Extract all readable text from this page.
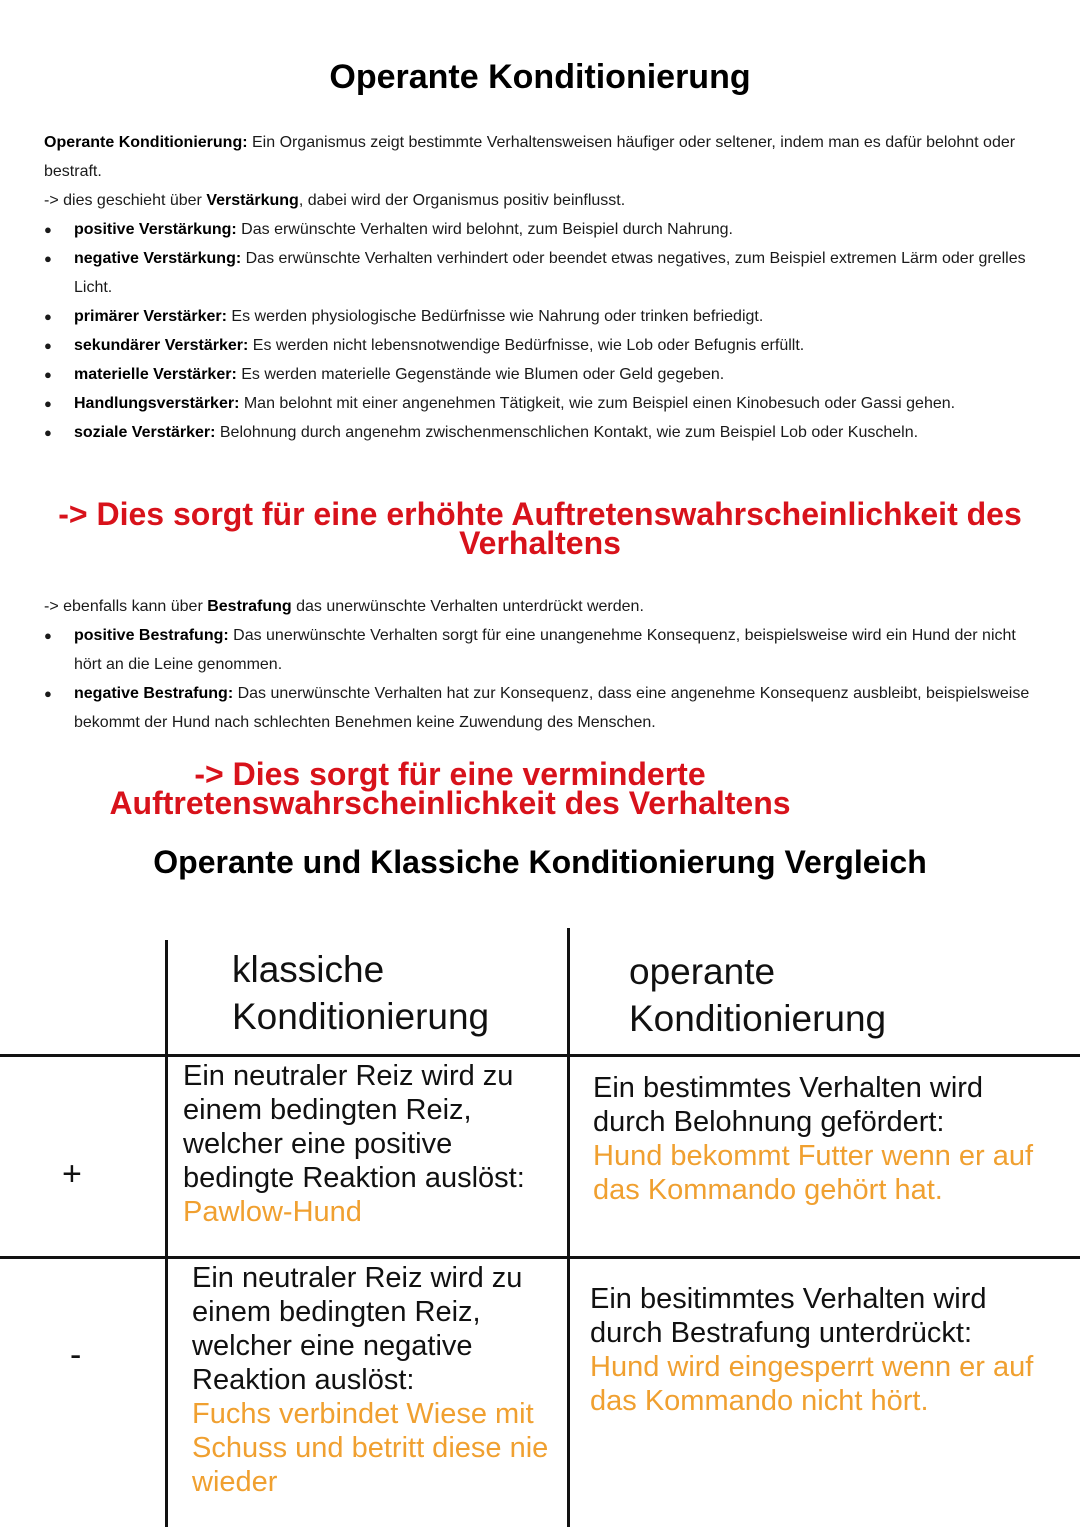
Operante Konditionierung

Operante Konditionierung: Ein Organismus zeigt bestimmte Verhaltensweisen häufiger oder seltener, indem man es dafür belohnt oder bestraft.

-> dies geschieht über Verstärkung, dabei wird der Organismus positiv beinflusst.

● positive Verstärkung: Das erwünschte Verhalten wird belohnt, zum Beispiel durch Nahrung.
● negative Verstärkung: Das erwünschte Verhalten verhindert oder beendet etwas negatives, zum Beispiel extremen Lärm oder grelles Licht.
● primärer Verstärker: Es werden physiologische Bedürfnisse wie Nahrung oder trinken befriedigt.
● sekundärer Verstärker: Es werden nicht lebensnotwendige Bedürfnisse, wie Lob oder Befugnis erfüllt.
● materielle Verstärker: Es werden materielle Gegenstände wie Blumen oder Geld gegeben.
● Handlungsverstärker: Man belohnt mit einer angenehmen Tätigkeit, wie zum Beispiel einen Kinobesuch oder Gassi gehen.
● soziale Verstärker: Belohnung durch angenehm zwischenmenschlichen Kontakt, wie zum Beispiel Lob oder Kuscheln.
-> Dies sorgt für eine erhöhte Auftretenswahrscheinlichkeit des Verhaltens

-> ebenfalls kann über Bestrafung das unerwünschte Verhalten unterdrückt werden.

● positive Bestrafung: Das unerwünschte Verhalten sorgt für eine unangenehme Konsequenz, beispielsweise wird ein Hund der nicht hört an die Leine genommen.
● negative Bestrafung: Das unerwünschte Verhalten hat zur Konsequenz, dass eine angenehme Konsequenz ausbleibt, beispielsweise bekommt der Hund nach schlechten Benehmen keine Zuwendung des Menschen.
-> Dies sorgt für eine verminderte
Auftretenswahrscheinlichkeit des Verhaltens
Operante und Klassiche Konditionierung Vergleich
klassiche Konditionierung
operante Konditionierung
+
Ein neutraler Reiz wird zu einem bedingten Reiz, welcher eine positive bedingte Reaktion auslöst:
Pawlow-Hund
Ein bestimmtes Verhalten wird durch Belohnung gefördert:
Hund bekommt Futter wenn er auf das Kommando gehört hat.
-
Ein neutraler Reiz wird zu einem bedingten Reiz, welcher eine negative Reaktion auslöst:
Fuchs verbindet Wiese mit Schuss und betritt diese nie wieder
Ein besitimmtes Verhalten wird durch Bestrafung unterdrückt:
Hund wird eingesperrt wenn er auf das Kommando nicht hört.
